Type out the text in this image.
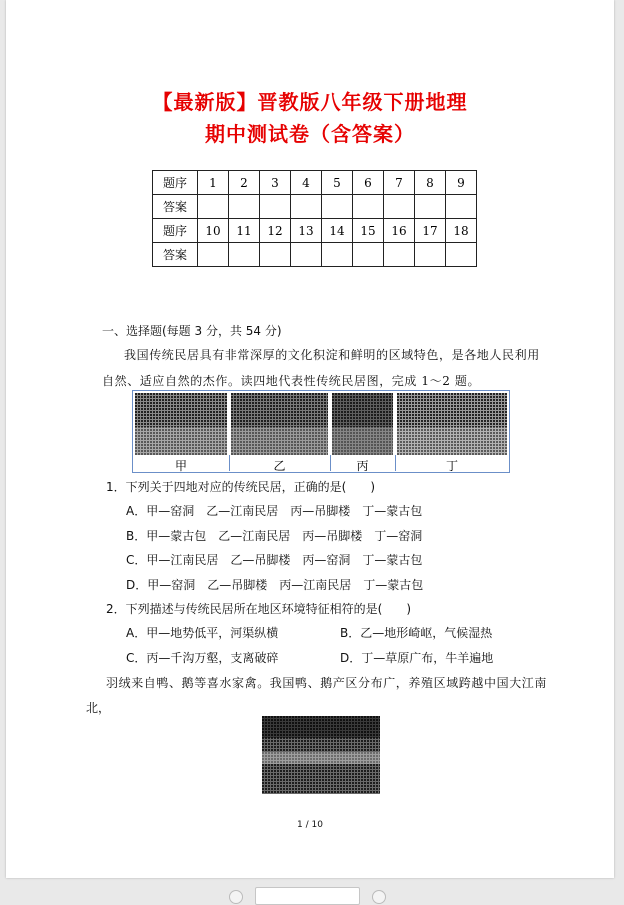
【最新版】晋教版八年级下册地理
期中测试卷（含答案）
题序	1	2	3	4	5	6	7	8	9
答案									
题序	10	11	12	13	14	15	16	17	18
答案									
一、选择题(每题 3 分，共 54 分)
我国传统民居具有非常深厚的文化积淀和鲜明的区域特色，是各地人民利用
自然、适应自然的杰作。读四地代表性传统民居图，完成 1～2 题。
甲	乙	丙	丁
1．下列关于四地对应的传统民居，正确的是(　　)
A．甲—窑洞　乙—江南民居　丙—吊脚楼　丁—蒙古包
B．甲—蒙古包　乙—江南民居　丙—吊脚楼　丁—窑洞
C．甲—江南民居　乙—吊脚楼　丙—窑洞　丁—蒙古包
D．甲—窑洞　乙—吊脚楼　丙—江南民居　丁—蒙古包
2．下列描述与传统民居所在地区环境特征相符的是(　　)
A．甲—地势低平，河渠纵横	B．乙—地形崎岖，气候湿热
C．丙—千沟万壑，支离破碎	D．丁—草原广布，牛羊遍地
羽绒来自鸭、鹅等喜水家禽。我国鸭、鹅产区分布广，养殖区域跨越中国大江南
北，
1 / 10
